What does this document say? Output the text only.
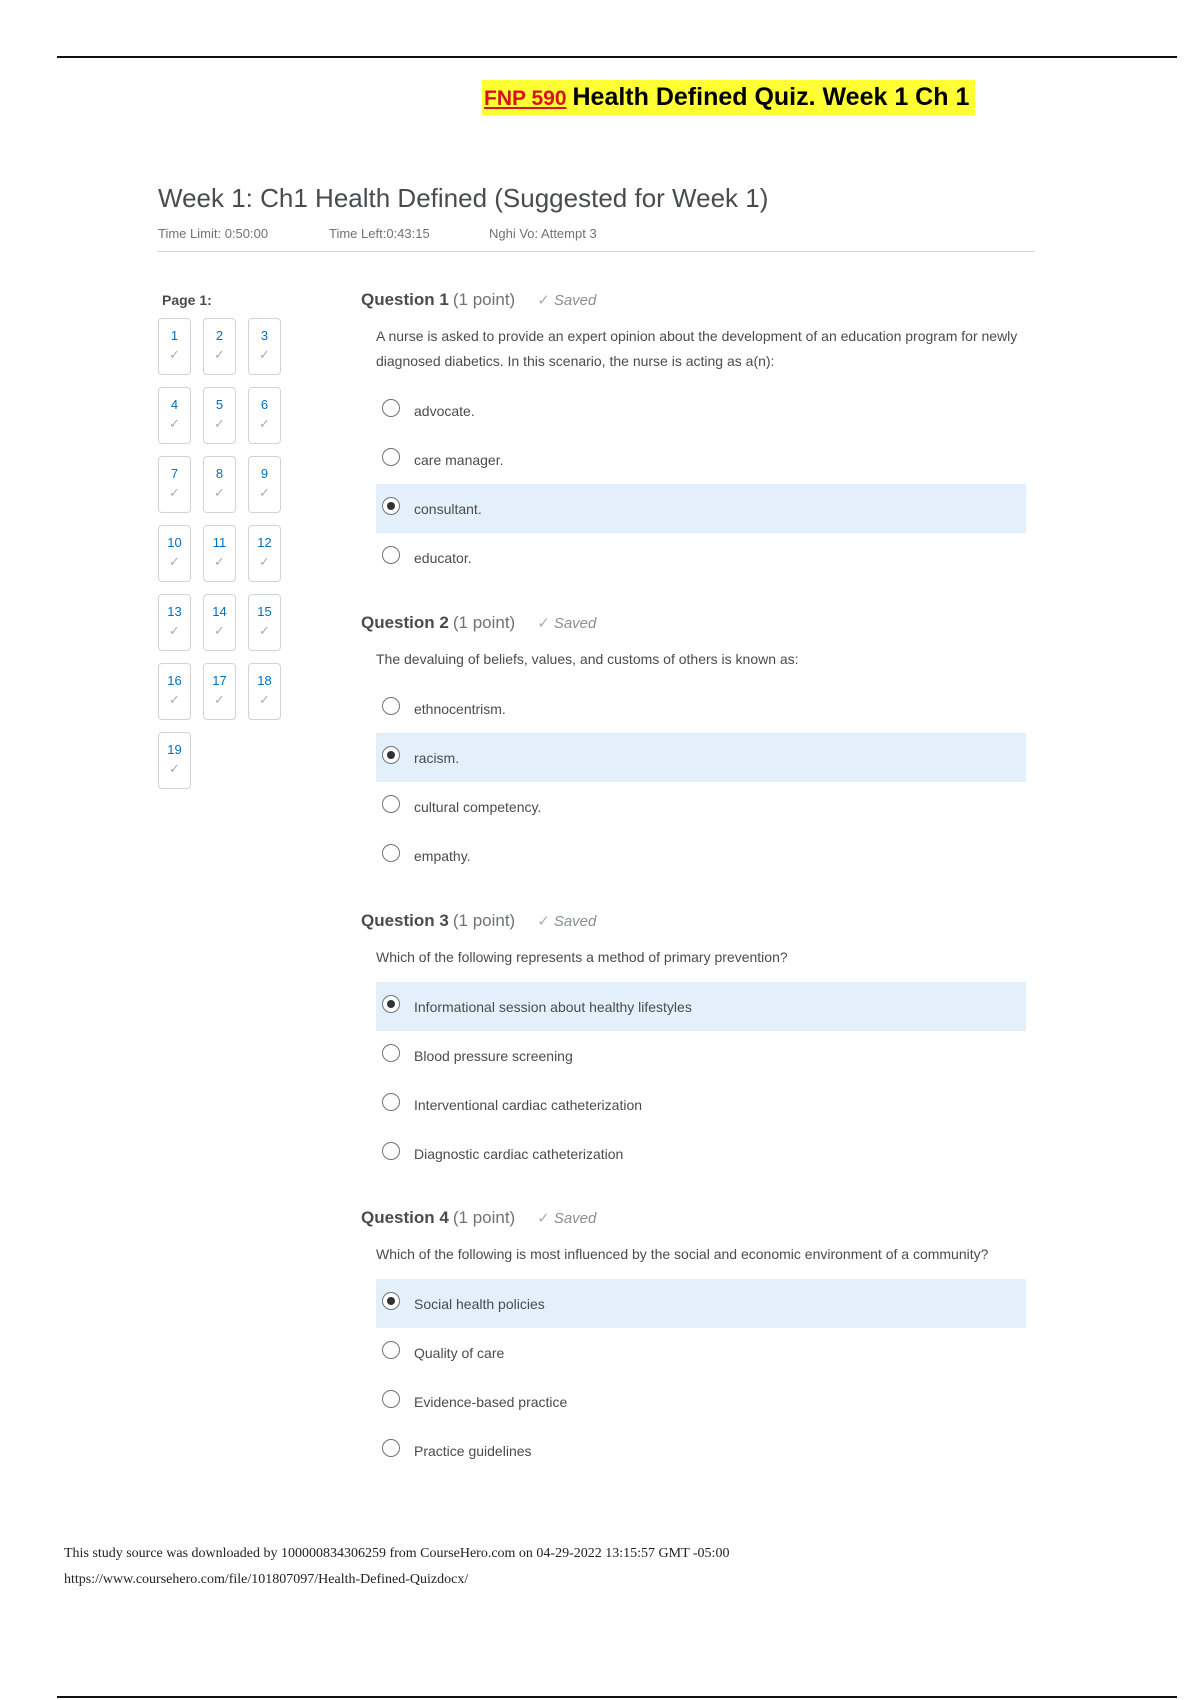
FNP 590 Health Defined Quiz. Week 1 Ch 1
Week 1: Ch1 Health Defined (Suggested for Week 1)
Time Limit: 0:50:00	Time Left:0:43:15	Nghi Vo: Attempt 3
Page 1:
1
✓
2
✓
3
✓
4
✓
5
✓
6
✓
7
✓
8
✓
9
✓
10
✓
11
✓
12
✓
13
✓
14
✓
15
✓
16
✓
17
✓
18
✓
19
✓
Question 1 (1 point) ✓ Saved
A nurse is asked to provide an expert opinion about the development of an education program for newly diagnosed diabetics. In this scenario, the nurse is acting as a(n):
advocate.
care manager.
consultant.
educator.
Question 2 (1 point) ✓ Saved
The devaluing of beliefs, values, and customs of others is known as:
ethnocentrism.
racism.
cultural competency.
empathy.
Question 3 (1 point) ✓ Saved
Which of the following represents a method of primary prevention?
Informational session about healthy lifestyles
Blood pressure screening
Interventional cardiac catheterization
Diagnostic cardiac catheterization
Question 4 (1 point) ✓ Saved
Which of the following is most influenced by the social and economic environment of a community?
Social health policies
Quality of care
Evidence-based practice
Practice guidelines
This study source was downloaded by 100000834306259 from CourseHero.com on 04-29-2022 13:15:57 GMT -05:00
https://www.coursehero.com/file/101807097/Health-Defined-Quizdocx/
